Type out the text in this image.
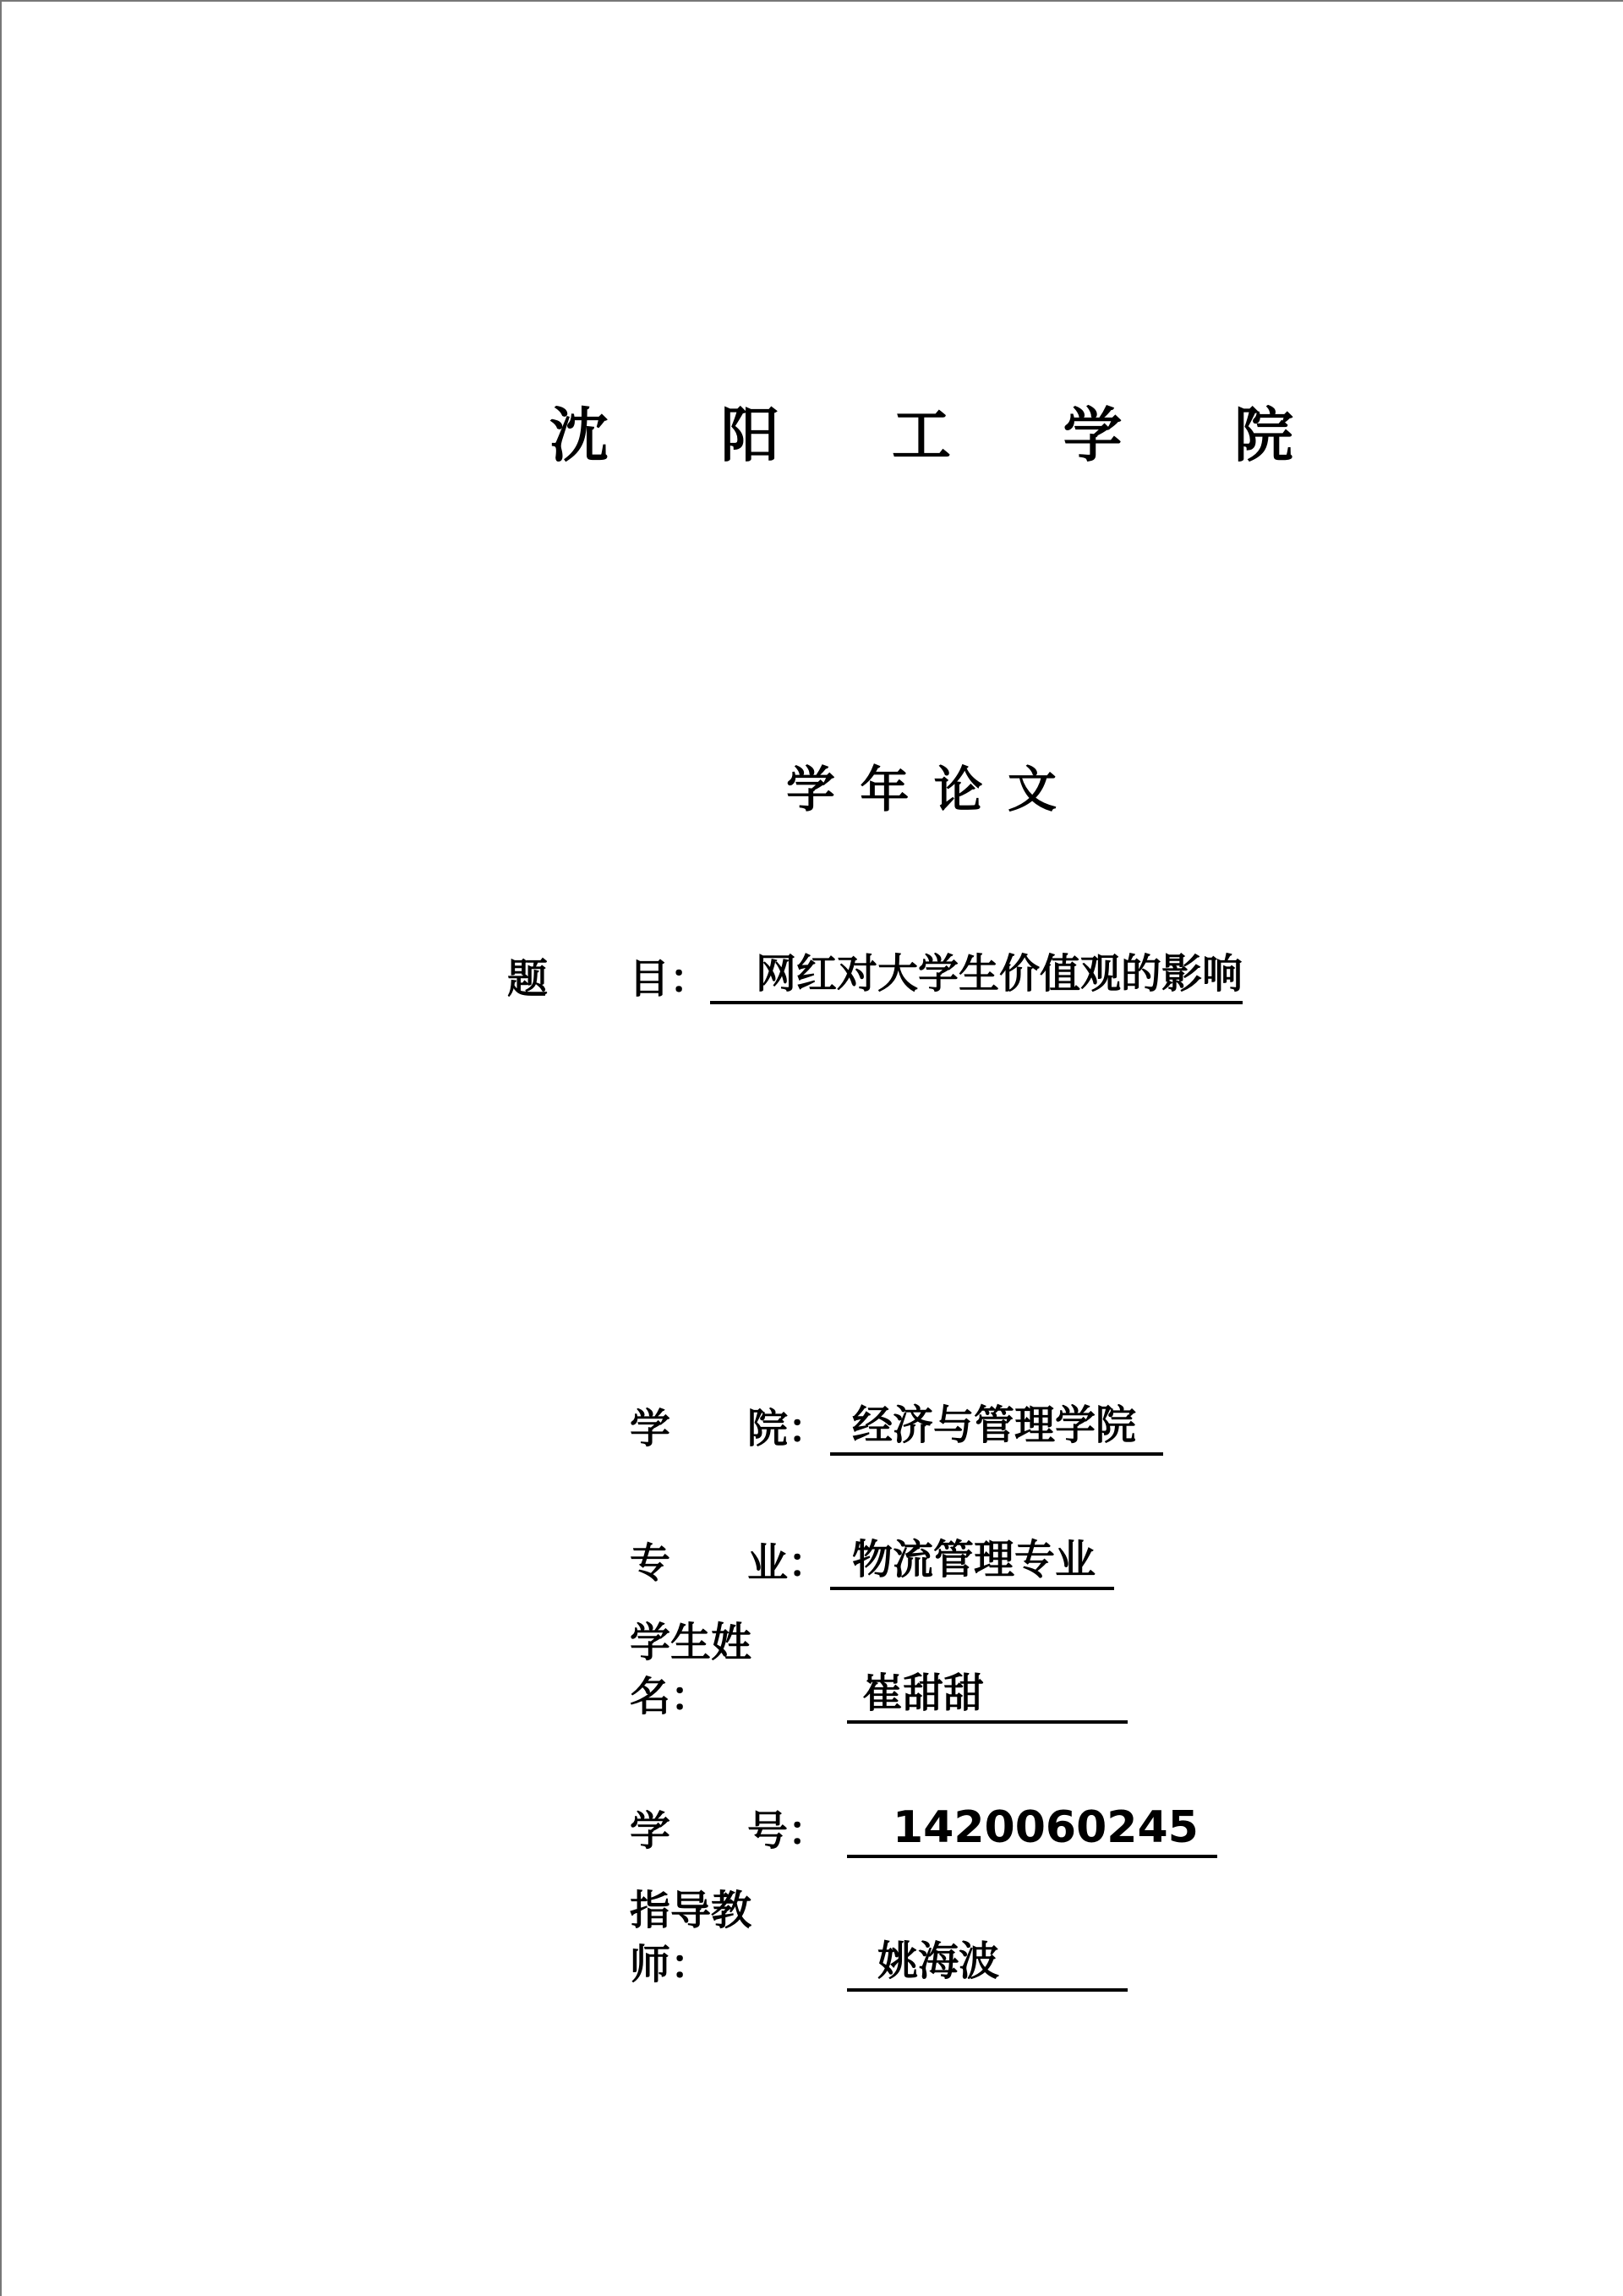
沈 阳 工 学 院
学 年 论 文
题 目：	网红对大学生价值观的影响
学 院： 经济与管理学院
专 业： 物流管理专业
学生姓名：	崔甜甜
学 号：	1420060245
指导教师：	姚海波
